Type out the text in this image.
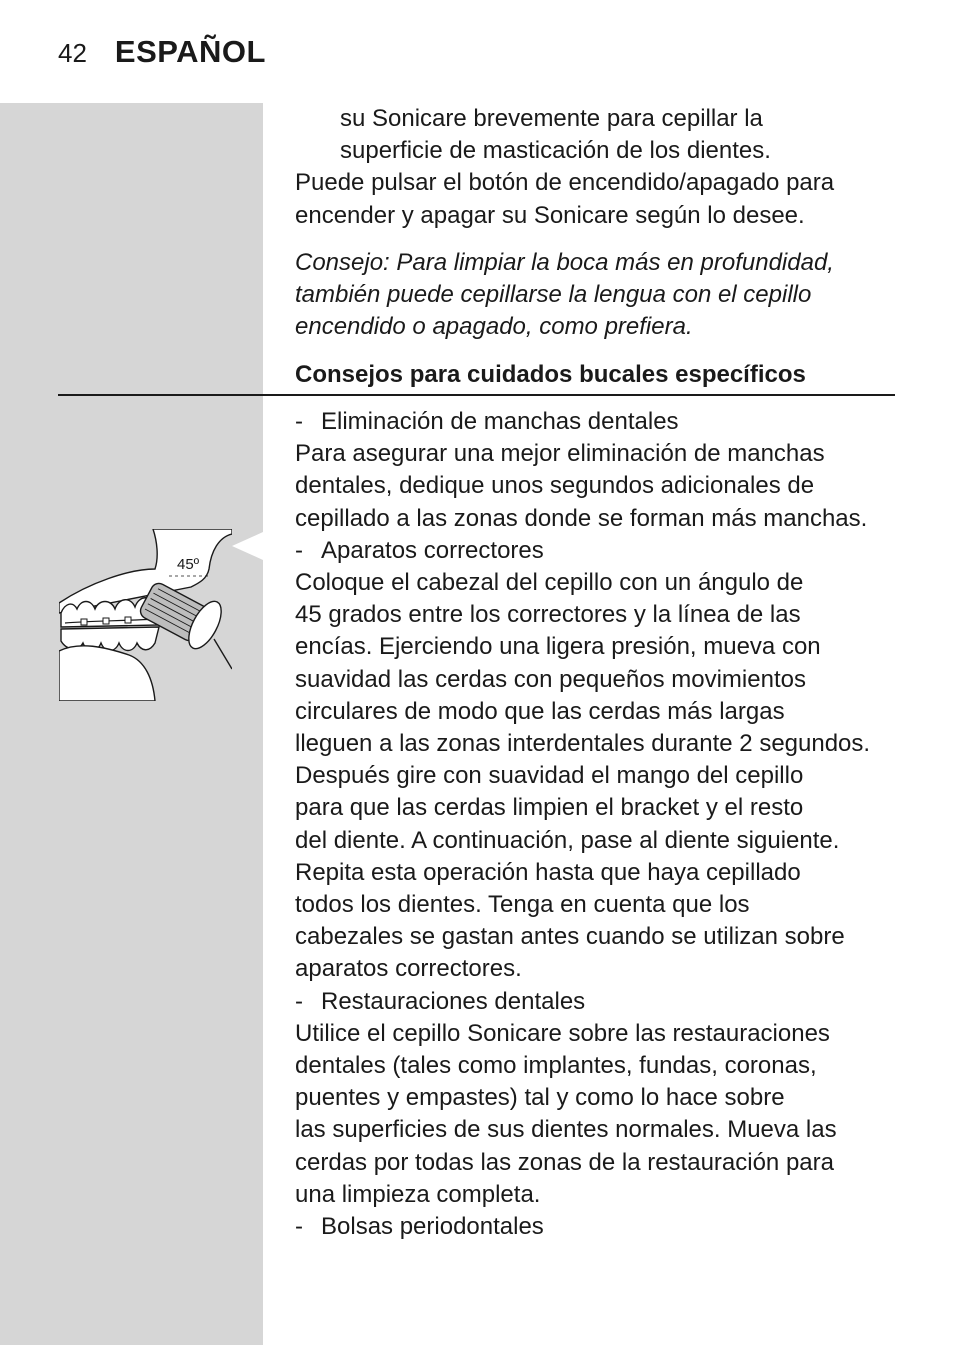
42 ESPAÑOL
su Sonicare brevemente para cepillar la
superficie de masticación de los dientes.
Puede pulsar el botón de encendido/apagado para
encender y apagar su Sonicare según lo desee.
Consejo: Para limpiar la boca más en profundidad,
también puede cepillarse la lengua con el cepillo
encendido o apagado, como prefiera.
Consejos para cuidados bucales específicos
- Eliminación de manchas dentales
Para asegurar una mejor eliminación de manchas
dentales, dedique unos segundos adicionales de
cepillado a las zonas donde se forman más manchas.
- Aparatos correctores
Coloque el cabezal del cepillo con un ángulo de
45 grados entre los correctores y la línea de las
encías. Ejerciendo una ligera presión, mueva con
suavidad las cerdas con pequeños movimientos
circulares de modo que las cerdas más largas
lleguen a las zonas interdentales durante 2 segundos.
Después gire con suavidad el mango del cepillo
para que las cerdas limpien el bracket y el resto
del diente. A continuación, pase al diente siguiente.
Repita esta operación hasta que haya cepillado
todos los dientes. Tenga en cuenta que los
cabezales se gastan antes cuando se utilizan sobre
aparatos correctores.
- Restauraciones dentales
Utilice el cepillo Sonicare sobre las restauraciones
dentales (tales como implantes, fundas, coronas,
puentes y empastes) tal y como lo hace sobre
las superficies de sus dientes normales. Mueva las
cerdas por todas las zonas de la restauración para
una limpieza completa.
- Bolsas periodontales
45º
